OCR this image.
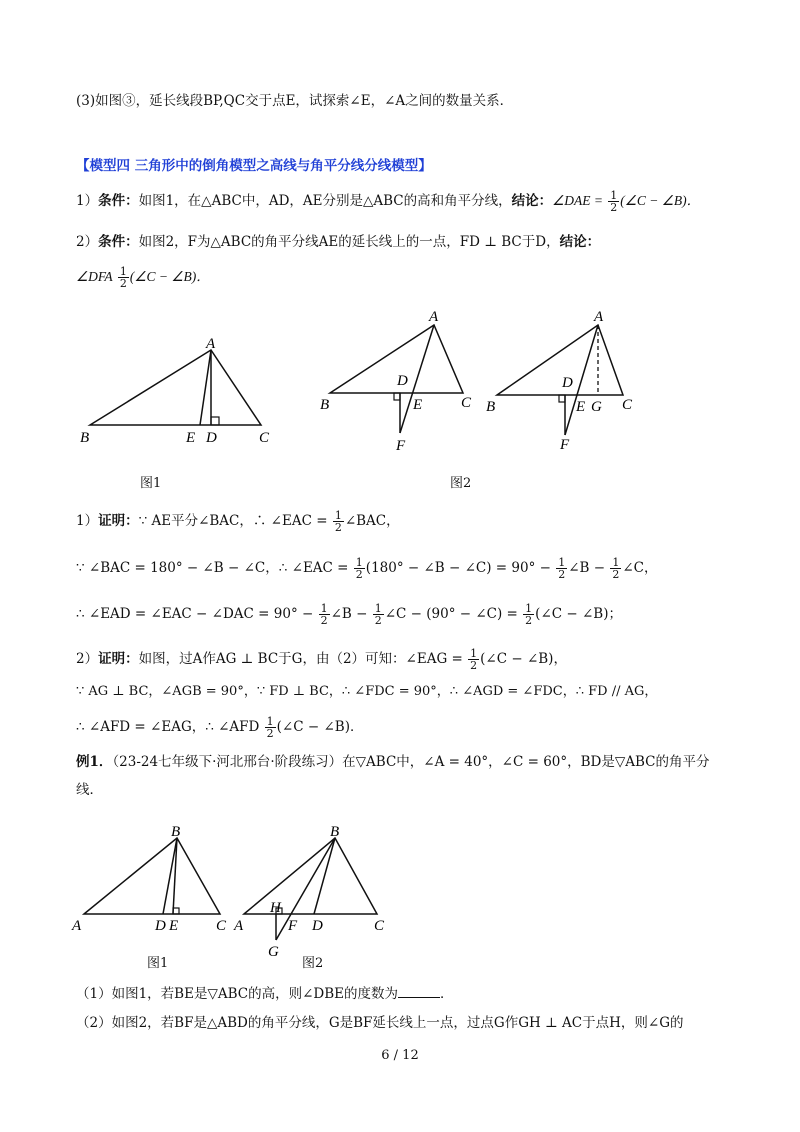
(3)如图③，延长线段BP,QC交于点E，试探索∠E，∠A之间的数量关系．
【模型四 三角形中的倒角模型之高线与角平分线分线模型】
1）条件：如图1，在△ABC中，AD，AE分别是△ABC的高和角平分线，结论：∠DAE = $\frac{1}{2}$ (∠C − ∠B)．
2）条件：如图2，F为△ABC的角平分线AE的延长线上的一点，FD ⊥ BC于D，结论：
∠DFA $\frac{1}{2}$ (∠C − ∠B)．
A
B	E D	C
A
D
B	E	C
F
A
D
B	E G C
F
图1	图2
1）证明：∵ AE平分∠BAC，∴ ∠EAC = $\frac{1}{2}$ ∠BAC，
∵ ∠BAC = 180° − ∠B − ∠C，∴ ∠EAC = $\frac{1}{2} (180^\circ$ − ∠B − ∠C) = $90^\circ - \frac{1}{2}$ ∠B − $\frac{1}{2}$ ∠C，
∴ ∠EAD = ∠EAC − ∠DAC = $90^\circ - \frac{1}{2}$ ∠B − $\frac{1}{2}$ ∠C − (90° − ∠C) = $\frac{1}{2}$ (∠C − ∠B)；
2）证明：如图，过A作AG ⊥ BC于G，由（2）可知：∠EAG = $\frac{1}{2}$ (∠C − ∠B)，
∵ AG ⊥ BC，∠AGB = 90°，∵ FD ⊥ BC，∴ ∠FDC = 90°，∴ ∠AGD = ∠FDC，∴ FD // AG，
∴ ∠AFD = ∠EAG，∴ ∠AFD $\frac{1}{2}$ (∠C − ∠B)．
例1．（23-24七年级下·河北邢台·阶段练习）在▽ABC中，∠A = 40°，∠C = 60°，BD是▽ABC的角平分
线．
B
A	D E	C
B
H
A	F D	C
G
图1	图2
（1）如图1，若BE是▽ABC的高，则∠DBE的度数为	．
（2）如图2，若BF是△ABD的角平分线，G是BF延长线上一点，过点G作GH ⊥ AC于点H，则∠G的
6 / 12
